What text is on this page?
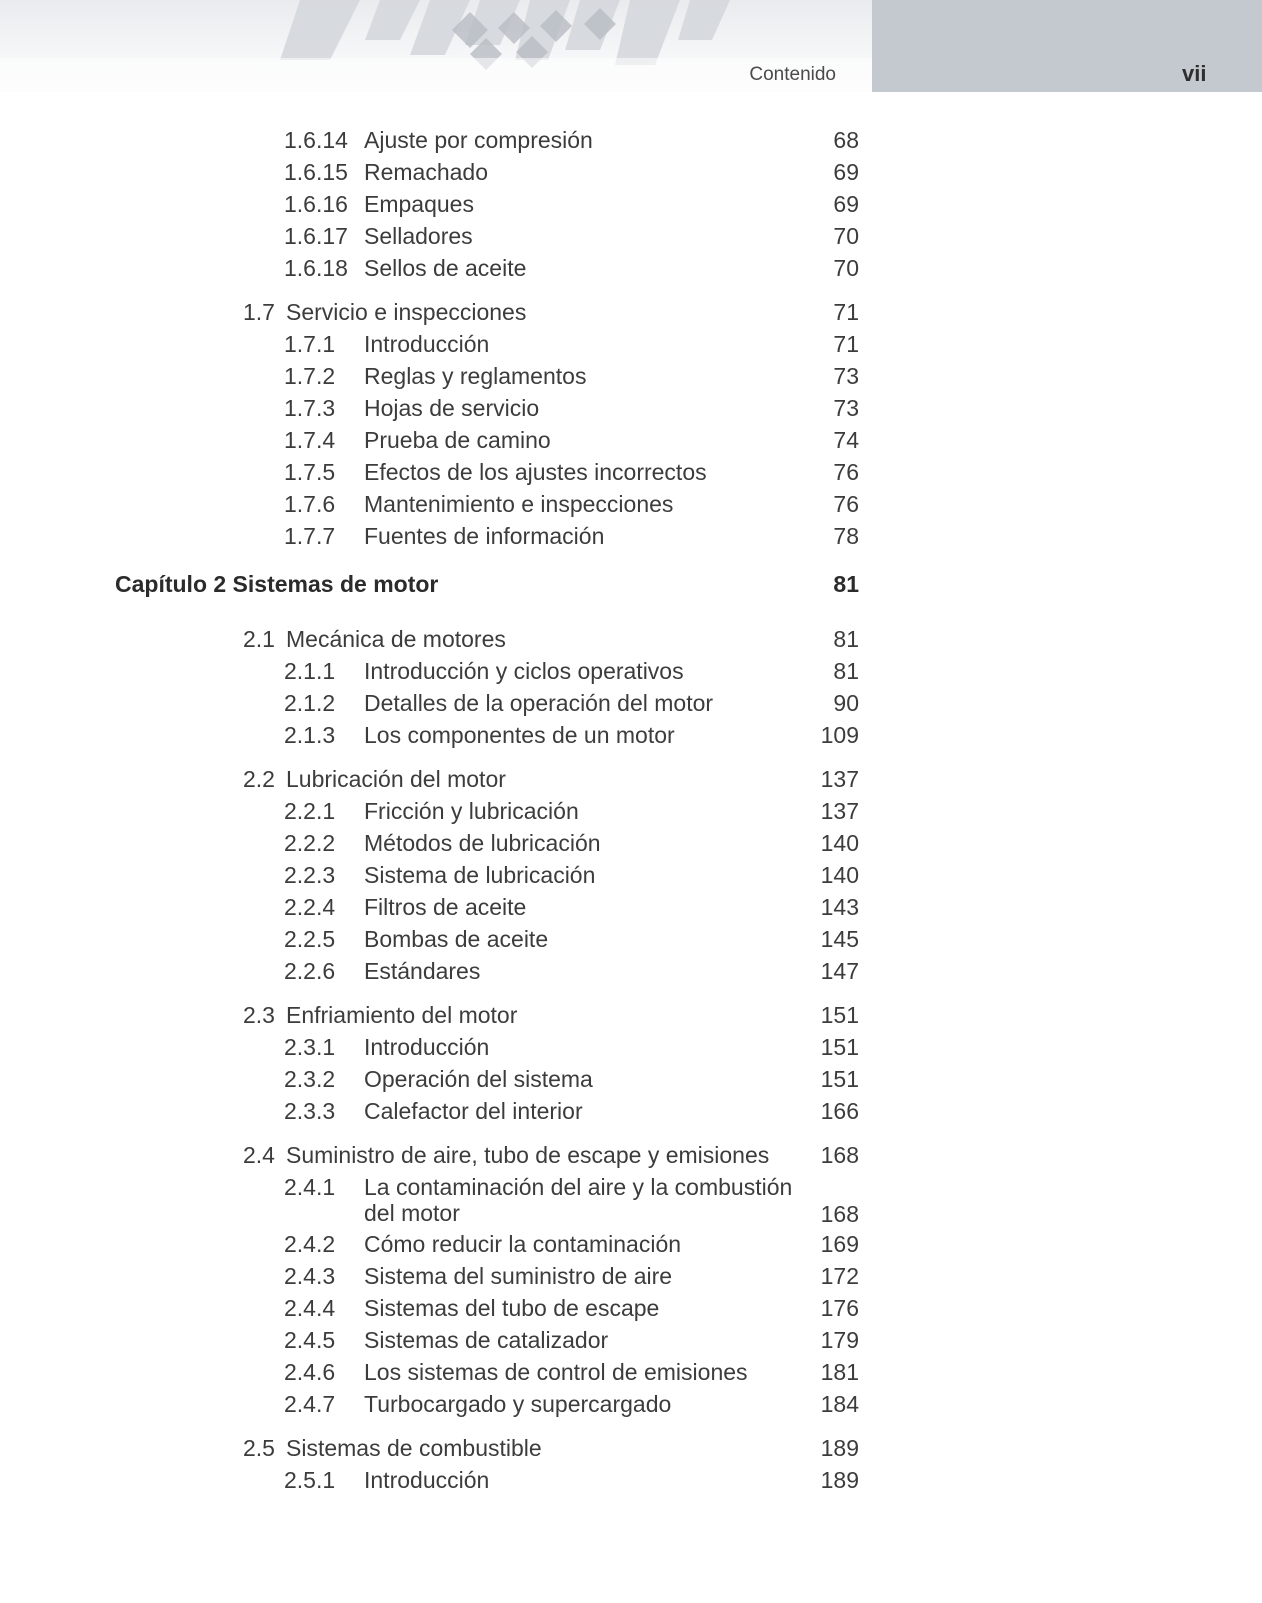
Contenido	vii
1.6.14 Ajuste por compresión	68
1.6.15 Remachado	69
1.6.16 Empaques	69
1.6.17 Selladores	70
1.6.18 Sellos de aceite	70
1.7 Servicio e inspecciones	71
1.7.1 Introducción	71
1.7.2 Reglas y reglamentos	73
1.7.3 Hojas de servicio	73
1.7.4 Prueba de camino	74
1.7.5 Efectos de los ajustes incorrectos	76
1.7.6 Mantenimiento e inspecciones	76
1.7.7 Fuentes de información	78
Capítulo 2 Sistemas de motor	81
2.1 Mecánica de motores	81
2.1.1 Introducción y ciclos operativos	81
2.1.2 Detalles de la operación del motor	90
2.1.3 Los componentes de un motor	109
2.2 Lubricación del motor	137
2.2.1 Fricción y lubricación	137
2.2.2 Métodos de lubricación	140
2.2.3 Sistema de lubricación	140
2.2.4 Filtros de aceite	143
2.2.5 Bombas de aceite	145
2.2.6 Estándares	147
2.3 Enfriamiento del motor	151
2.3.1 Introducción	151
2.3.2 Operación del sistema	151
2.3.3 Calefactor del interior	166
2.4 Suministro de aire, tubo de escape y emisiones 168
2.4.1 La contaminación del aire y la combustión del motor	168
2.4.2 Cómo reducir la contaminación	169
2.4.3 Sistema del suministro de aire	172
2.4.4 Sistemas del tubo de escape	176
2.4.5 Sistemas de catalizador	179
2.4.6 Los sistemas de control de emisiones	181
2.4.7 Turbocargado y supercargado	184
2.5 Sistemas de combustible	189
2.5.1 Introducción	189
